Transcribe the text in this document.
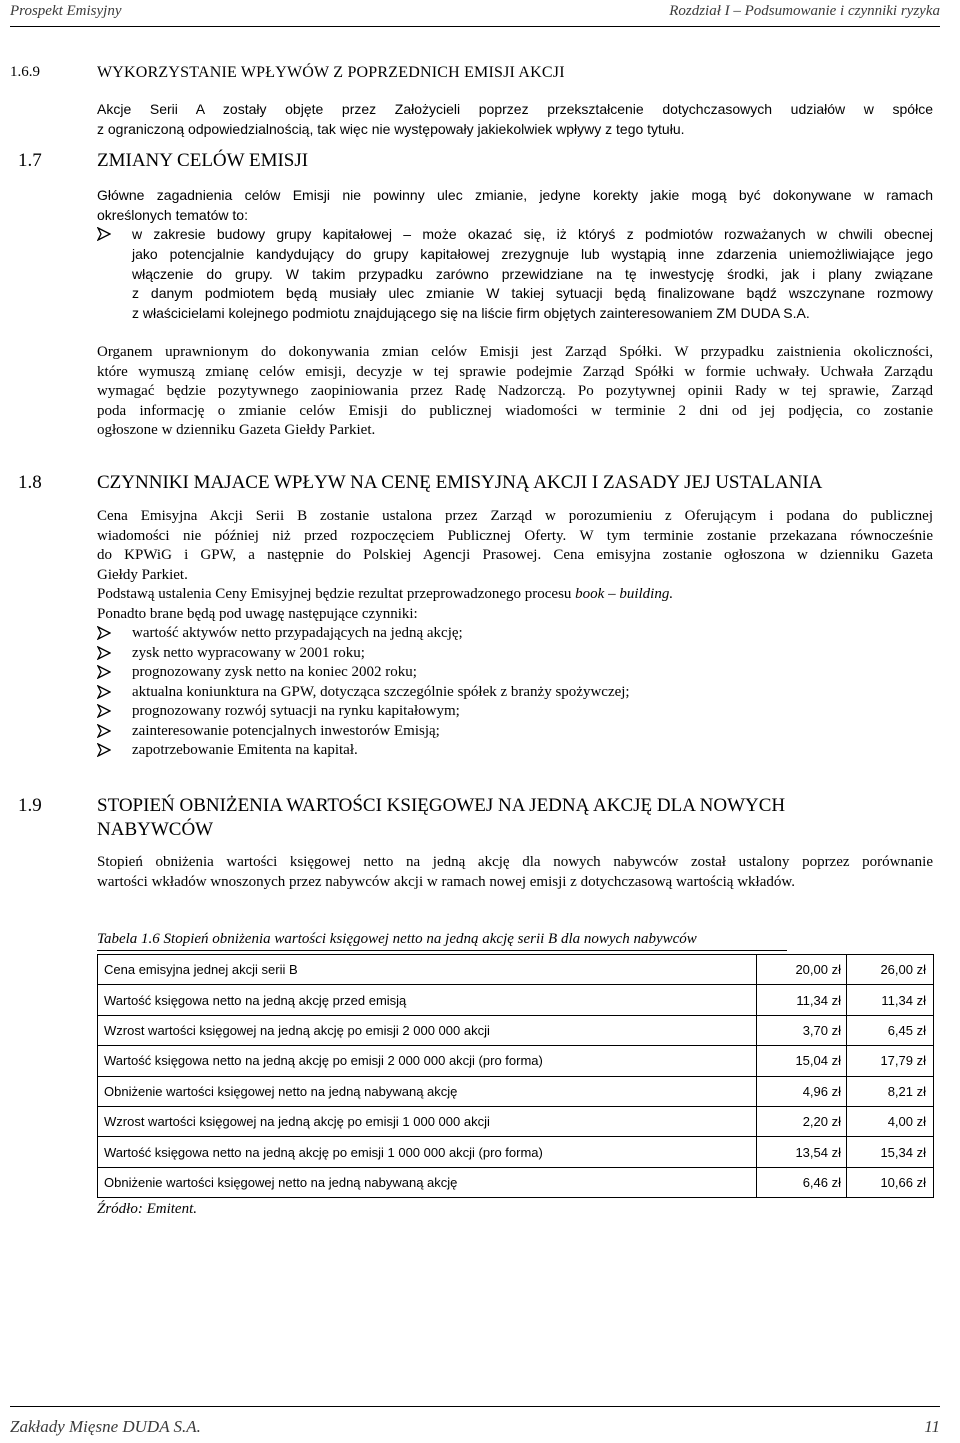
Prospekt Emisyjny	Rozdział I – Podsumowanie i czynniki ryzyka
1.6.9	WYKORZYSTANIE WPŁYWÓW Z POPRZEDNICH EMISJI AKCJI
Akcje Serii A zostały objęte przez Założycieli poprzez przekształcenie dotychczasowych udziałów w spółce
z ograniczoną odpowiedzialnością, tak więc nie występowały jakiekolwiek wpływy z tego tytułu.
1.7	ZMIANY CELÓW EMISJI
Główne zagadnienia celów Emisji nie powinny ulec zmianie, jedyne korekty jakie mogą być dokonywane w ramach
określonych tematów to:
w zakresie budowy grupy kapitałowej – może okazać się, iż któryś z podmiotów rozważanych w chwili obecnej
jako potencjalnie kandydujący do grupy kapitałowej zrezygnuje lub wystąpią inne zdarzenia uniemożliwiające jego
włączenie do grupy. W takim przypadku zarówno przewidziane na tę inwestycję środki, jak i plany związane
z danym podmiotem będą musiały ulec zmianie W takiej sytuacji będą finalizowane bądź wszczynane rozmowy
z właścicielami kolejnego podmiotu znajdującego się na liście firm objętych zainteresowaniem ZM DUDA S.A.
Organem uprawnionym do dokonywania zmian celów Emisji jest Zarząd Spółki. W przypadku zaistnienia okoliczności,
które wymuszą zmianę celów emisji, decyzje w tej sprawie podejmie Zarząd Spółki w formie uchwały. Uchwała Zarządu
wymagać będzie pozytywnego zaopiniowania przez Radę Nadzorczą. Po pozytywnej opinii Rady w tej sprawie, Zarząd
poda informację o zmianie celów Emisji do publicznej wiadomości w terminie 2 dni od jej podjęcia, co zostanie
ogłoszone w dzienniku Gazeta Giełdy Parkiet.
1.8	CZYNNIKI MAJACE WPŁYW NA CENĘ EMISYJNĄ AKCJI I ZASADY JEJ USTALANIA
Cena Emisyjna Akcji Serii B zostanie ustalona przez Zarząd w porozumieniu z Oferującym i podana do publicznej
wiadomości nie później niż przed rozpoczęciem Publicznej Oferty. W tym terminie zostanie przekazana równocześnie
do KPWiG i GPW, a następnie do Polskiej Agencji Prasowej. Cena emisyjna zostanie ogłoszona w dzienniku Gazeta
Giełdy Parkiet.
Podstawą ustalenia Ceny Emisyjnej będzie rezultat przeprowadzonego procesu book – building.
Ponadto brane będą pod uwagę następujące czynniki:
wartość aktywów netto przypadających na jedną akcję;
zysk netto wypracowany w 2001 roku;
prognozowany zysk netto na koniec 2002 roku;
aktualna koniunktura na GPW, dotycząca szczególnie spółek z branży spożywczej;
prognozowany rozwój sytuacji na rynku kapitałowym;
zainteresowanie potencjalnych inwestorów Emisją;
zapotrzebowanie Emitenta na kapitał.
1.9	STOPIEŃ OBNIŻENIA WARTOŚCI KSIĘGOWEJ NA JEDNĄ AKCJĘ DLA NOWYCH
NABYWCÓW
Stopień obniżenia wartości księgowej netto na jedną akcję dla nowych nabywców został ustalony poprzez porównanie
wartości wkładów wnoszonych przez nabywców akcji w ramach nowej emisji z dotychczasową wartością wkładów.
Tabela 1.6 Stopień obniżenia wartości księgowej netto na jedną akcję serii B dla nowych nabywców
Cena emisyjna jednej akcji serii B	20,00 zł	26,00 zł
Wartość księgowa netto na jedną akcję przed emisją	11,34 zł	11,34 zł
Wzrost wartości księgowej na jedną akcję po emisji 2 000 000 akcji	3,70 zł	6,45 zł
Wartość księgowa netto na jedną akcję po emisji 2 000 000 akcji (pro forma)	15,04 zł	17,79 zł
Obniżenie wartości księgowej netto na jedną nabywaną akcję	4,96 zł	8,21 zł
Wzrost wartości księgowej na jedną akcję po emisji 1 000 000 akcji	2,20 zł	4,00 zł
Wartość księgowa netto na jedną akcję po emisji 1 000 000 akcji (pro forma)	13,54 zł	15,34 zł
Obniżenie wartości księgowej netto na jedną nabywaną akcję	6,46 zł	10,66 zł
Źródło: Emitent.
Zakłady Mięsne DUDA S.A.	11
